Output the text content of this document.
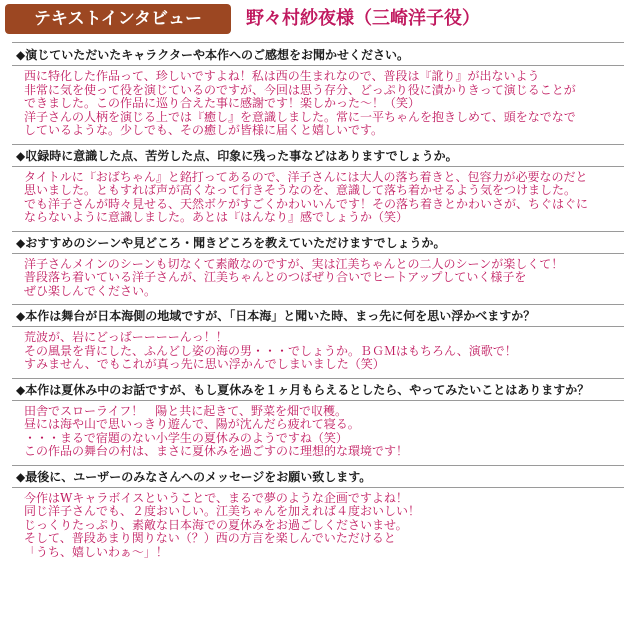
テキストインタビュー	野々村紗夜様（三崎洋子役）
◆演じていただいたキャラクターや本作へのご感想をお聞かせください。
西に特化した作品って、珍しいですよね！私は西の生まれなので、普段は『訛り』が出ないよう
非常に気を使って役を演じているのですが、今回は思う存分、どっぷり役に漬かりきって演じることが
できました。この作品に巡り合えた事に感謝です！楽しかった〜！（笑）
洋子さんの人柄を演じる上では『癒し』を意識しました。常に一平ちゃんを抱きしめて、頭をなでなで
しているような。少しでも、その癒しが皆様に届くと嬉しいです。
◆収録時に意識した点、苦労した点、印象に残った事などはありますでしょうか。
タイトルに『おばちゃん』と銘打ってあるので、洋子さんには大人の落ち着きと、包容力が必要なのだと
思いました。ともすれば声が高くなって行きそうなのを、意識して落ち着かせるよう気をつけました。
でも洋子さんが時々見せる、天然ボケがすごくかわいいんです！その落ち着きとかわいさが、ちぐはぐに
ならないように意識しました。あとは『はんなり』感でしょうか（笑）
◆おすすめのシーンや見どころ・聞きどころを教えていただけますでしょうか。
洋子さんメインのシーンも切なくて素敵なのですが、実は江美ちゃんとの二人のシーンが楽しくて！
普段落ち着いている洋子さんが、江美ちゃんとのつばぜり合いでヒートアップしていく様子を
ぜひ楽しんでください。
◆本作は舞台が日本海側の地域ですが、「日本海」と聞いた時、まっ先に何を思い浮かべますか？
荒波が、岩にどっばーーーーんっ！！
その風景を背にした、ふんどし姿の海の男・・・でしょうか。ＢＧＭはもちろん、演歌で！
すみません、でもこれが真っ先に思い浮かんでしまいました（笑）
◆本作は夏休み中のお話ですが、もし夏休みを１ヶ月もらえるとしたら、やってみたいことはありますか？
田舎でスローライフ！　陽と共に起きて、野菜を畑で収穫。
昼には海や山で思いっきり遊んで、陽が沈んだら疲れて寝る。
・・・まるで宿題のない小学生の夏休みのようですね（笑）
この作品の舞台の村は、まさに夏休みを過ごすのに理想的な環境です！
◆最後に、ユーザーのみなさんへのメッセージをお願い致します。
今作はWキャラボイスということで、まるで夢のような企画ですよね！
同じ洋子さんでも、２度おいしい。江美ちゃんを加えれば４度おいしい！
じっくりたっぷり、素敵な日本海での夏休みをお過ごしくださいませ。
そして、普段あまり関りない（？）西の方言を楽しんでいただけると
「うち、嬉しいわぁ〜」！
